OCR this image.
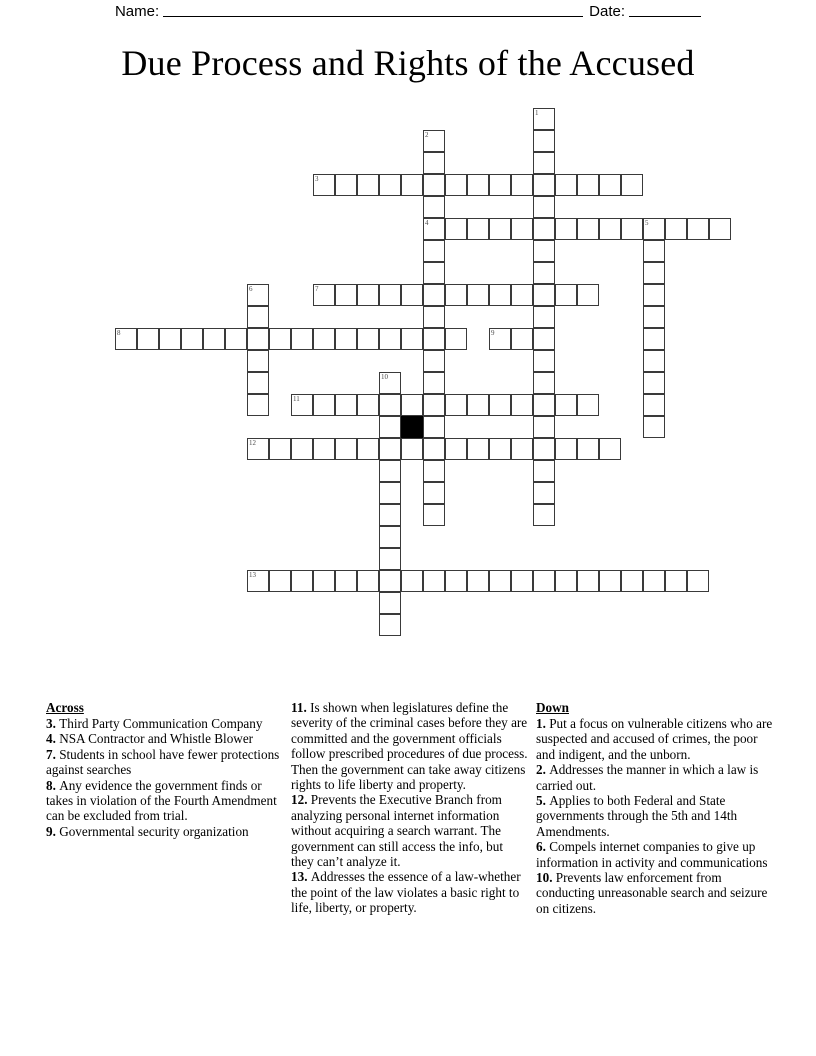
Name:	Date:
Due Process and Rights of the Accused
1
2
3
4	5
6	7
8	9
10
11
12
13
Across

3. Third Party Communication Company

4. NSA Contractor and Whistle Blower

7. Students in school have fewer protections against searches

8. Any evidence the government finds or takes in violation of the Fourth Amendment can be excluded from trial.

9. Governmental security organization

11. Is shown when legislatures define the severity of the criminal cases before they are committed and the government officials follow prescribed procedures of due process. Then the government can take away citizens rights to life liberty and property.

12. Prevents the Executive Branch from analyzing personal internet information without acquiring a search warrant. The government can still access the info, but they can’t analyze it.

13. Addresses the essence of a law-whether the point of the law violates a basic right to life, liberty, or property.

Down

1. Put a focus on vulnerable citizens who are suspected and accused of crimes, the poor and indigent, and the unborn.

2. Addresses the manner in which a law is carried out.

5. Applies to both Federal and State governments through the 5th and 14th Amendments.

6. Compels internet companies to give up information in activity and communications

10. Prevents law enforcement from conducting unreasonable search and seizure on citizens.
